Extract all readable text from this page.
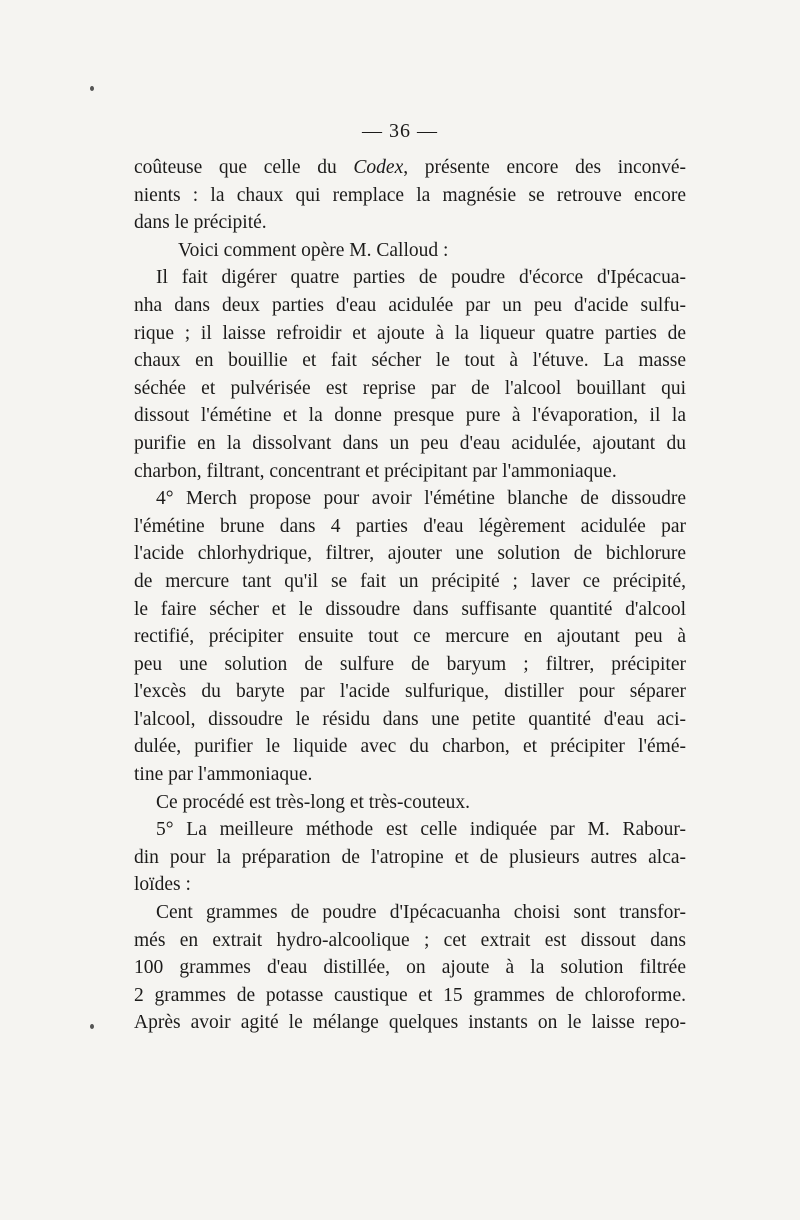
— 36 —

coûteuse que celle du Codex, présente encore des inconvé-
nients : la chaux qui remplace la magnésie se retrouve encore
dans le précipité.

Voici comment opère M. Calloud :

Il fait digérer quatre parties de poudre d'écorce d'Ipécacua-
nha dans deux parties d'eau acidulée par un peu d'acide sulfu-
rique ; il laisse refroidir et ajoute à la liqueur quatre parties de
chaux en bouillie et fait sécher le tout à l'étuve. La masse
séchée et pulvérisée est reprise par de l'alcool bouillant qui
dissout l'émétine et la donne presque pure à l'évaporation, il la
purifie en la dissolvant dans un peu d'eau acidulée, ajoutant du
charbon, filtrant, concentrant et précipitant par l'ammoniaque.

4° Merch propose pour avoir l'émétine blanche de dissoudre
l'émétine brune dans 4 parties d'eau légèrement acidulée par
l'acide chlorhydrique, filtrer, ajouter une solution de bichlorure
de mercure tant qu'il se fait un précipité ; laver ce précipité,
le faire sécher et le dissoudre dans suffisante quantité d'alcool
rectifié, précipiter ensuite tout ce mercure en ajoutant peu à
peu une solution de sulfure de baryum ; filtrer, précipiter
l'excès du baryte par l'acide sulfurique, distiller pour séparer
l'alcool, dissoudre le résidu dans une petite quantité d'eau aci-
dulée, purifier le liquide avec du charbon, et précipiter l'émé-
tine par l'ammoniaque.

Ce procédé est très-long et très-couteux.

5° La meilleure méthode est celle indiquée par M. Rabour-
din pour la préparation de l'atropine et de plusieurs autres alca-
loïdes :

Cent grammes de poudre d'Ipécacuanha choisi sont transfor-
més en extrait hydro-alcoolique ; cet extrait est dissout dans
100 grammes d'eau distillée, on ajoute à la solution filtrée
2 grammes de potasse caustique et 15 grammes de chloroforme.
Après avoir agité le mélange quelques instants on le laisse repo-
